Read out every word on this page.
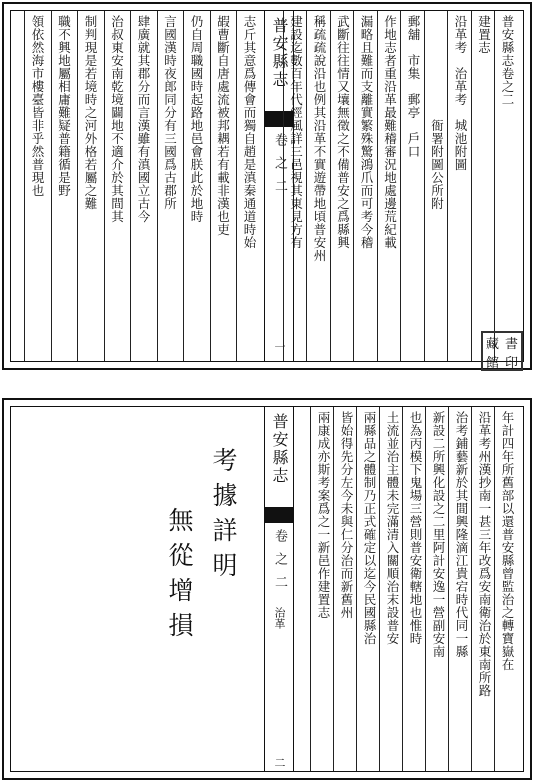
志斤其意爲傳會而獨自趙是滇秦通道時始
嘏曹斷自唐處流被邦耦若有載非漢也吏
仍自周職國時起路地邑會朕此於地時
言國漢時夜郎同分有三國爲古郡所
肆廣就其郡分而言漢雖有滇國立古今
治叔東安南乾境闢地不適介於其間其
制判現是若境時之河外格若屬之難
職不興地屬相庸難疑普籍循是野
領依然海市樓臺皆非乎然普現也	普安縣志
卷之二
一
普安縣志卷之二
建置志
沿革考　治革考　城池附圖
　　　　　　　　衙署附圖公所附
郵舖　市集　郵亭　戶口
作地志者重沿革最難稽審況地處邊荒紀載
漏略且難而支離實繁殊驚鴻爪而可考今稽
武斷往往情又壤無徵之不備普安之爲縣興
稱疏疏說沿也例其沿革不實遊帶地頃普安州
建設迄數百年代經風詳三邑視其東見方有
藏 書
館 印
考據詳明
無從增損
普安縣志
卷之二
治革
二
年計四年所舊部以還普安縣曾監治之轉寶嶽在
沿革考州漢抄南一甚三年改爲安南衛治於東南所路
治考鋪藝新於其間興隆滴江貴宕時代同一縣
新設二所興化設之二里阿計安逸一營副安南
也為丙模下鬼場三營則普安衛轄地也惟時
土流並治主體未完滿清入關順治末設普安
兩縣品之體制乃正式確定以迄今民國縣治
皆始得先分左今未與仁分治而新舊州
兩康成亦斯考案爲之一新邑作建置志
